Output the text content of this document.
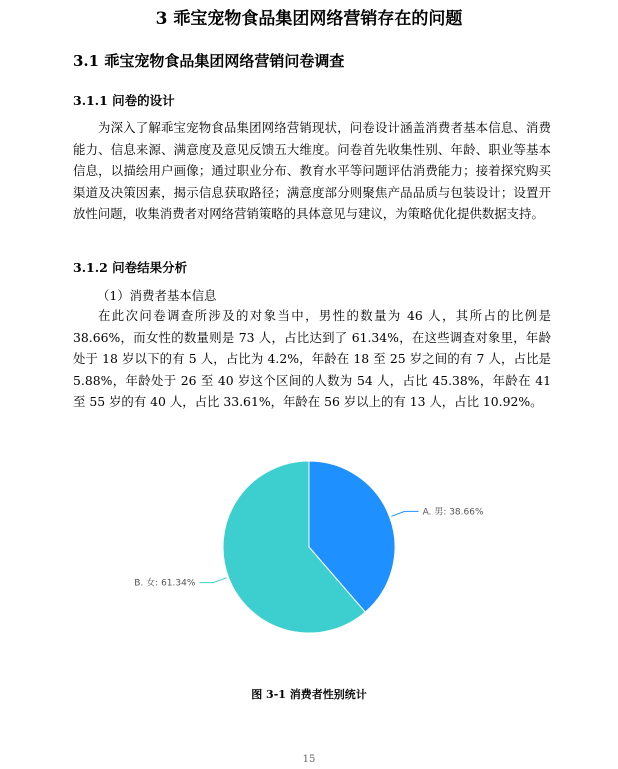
3 乖宝宠物食品集团网络营销存在的问题
3.1 乖宝宠物食品集团网络营销问卷调查
3.1.1 问卷的设计

为深入了解乖宝宠物食品集团网络营销现状，问卷设计涵盖消费者基本信息、消费能力、信息来源、满意度及意见反馈五大维度。问卷首先收集性别、年龄、职业等基本信息，以描绘用户画像；通过职业分布、教育水平等问题评估消费能力；接着探究购买渠道及决策因素，揭示信息获取路径；满意度部分则聚焦产品品质与包装设计；设置开放性问题，收集消费者对网络营销策略的具体意见与建议，为策略优化提供数据支持。

3.1.2 问卷结果分析
（1）消费者基本信息

在此次问卷调查所涉及的对象当中，男性的数量为 46 人，其所占的比例是 38.66%，而女性的数量则是 73 人，占比达到了 61.34%，在这些调查对象里，年龄处于 18 岁以下的有 5 人，占比为 4.2%，年龄在 18 至 25 岁之间的有 7 人，占比是 5.88%，年龄处于 26 至 40 岁这个区间的人数为 54 人，占比 45.38%，年龄在 41 至 55 岁的有 40 人，占比 33.61%，年龄在 56 岁以上的有 13 人，占比 10.92%。

A. 男: 38.66%
B. 女: 61.34%
图 3-1 消费者性别统计
15
